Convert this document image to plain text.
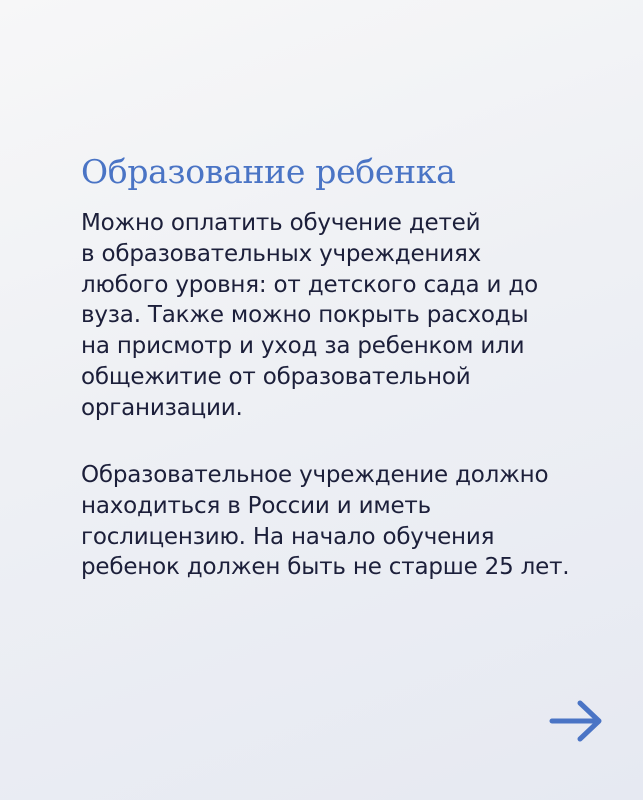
Образование ребенка

Можно оплатить обучение детей
в образовательных учреждениях
любого уровня: от детского сада и до
вуза. Также можно покрыть расходы
на присмотр и уход за ребенком или
общежитие от образовательной
организации.

Образовательное учреждение должно
находиться в России и иметь
гослицензию. На начало обучения
ребенок должен быть не старше 25 лет.
